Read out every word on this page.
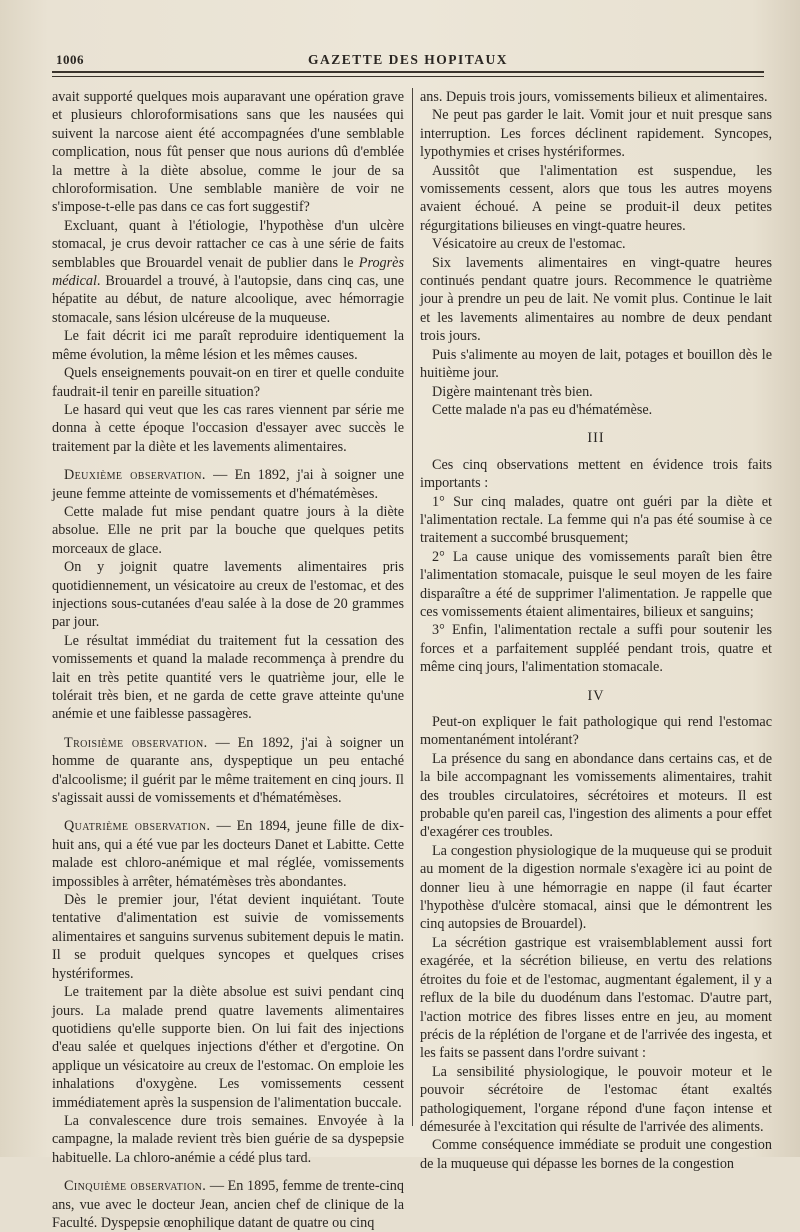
1006	GAZETTE DES HOPITAUX

avait supporté quelques mois auparavant une opération grave et plusieurs chloroformisations sans que les nausées qui suivent la narcose aient été accompagnées d'une semblable complication, nous fût penser que nous aurions dû d'emblée la mettre à la diète absolue, comme le jour de sa chloroformisation. Une semblable manière de voir ne s'impose-t-elle pas dans ce cas fort suggestif?

Excluant, quant à l'étiologie, l'hypothèse d'un ulcère stomacal, je crus devoir rattacher ce cas à une série de faits semblables que Brouardel venait de publier dans le Progrès médical. Brouardel a trouvé, à l'autopsie, dans cinq cas, une hépatite au début, de nature alcoolique, avec hémorragie stomacale, sans lésion ulcéreuse de la muqueuse.

Le fait décrit ici me paraît reproduire identiquement la même évolution, la même lésion et les mêmes causes.

Quels enseignements pouvait-on en tirer et quelle conduite faudrait-il tenir en pareille situation?

Le hasard qui veut que les cas rares viennent par série me donna à cette époque l'occasion d'essayer avec succès le traitement par la diète et les lavements alimentaires.

Deuxième observation. — En 1892, j'ai à soigner une jeune femme atteinte de vomissements et d'hématémèses.

Cette malade fut mise pendant quatre jours à la diète absolue. Elle ne prit par la bouche que quelques petits morceaux de glace.

On y joignit quatre lavements alimentaires pris quotidiennement, un vésicatoire au creux de l'estomac, et des injections sous-cutanées d'eau salée à la dose de 20 grammes par jour.

Le résultat immédiat du traitement fut la cessation des vomissements et quand la malade recommença à prendre du lait en très petite quantité vers le quatrième jour, elle le tolérait très bien, et ne garda de cette grave atteinte qu'une anémie et une faiblesse passagères.

Troisième observation. — En 1892, j'ai à soigner un homme de quarante ans, dyspeptique un peu entaché d'alcoolisme; il guérit par le même traitement en cinq jours. Il s'agissait aussi de vomissements et d'hématémèses.

Quatrième observation. — En 1894, jeune fille de dix-huit ans, qui a été vue par les docteurs Danet et Labitte. Cette malade est chloro-anémique et mal réglée, vomissements impossibles à arrêter, hématémèses très abondantes.

Dès le premier jour, l'état devient inquiétant. Toute tentative d'alimentation est suivie de vomissements alimentaires et sanguins survenus subitement depuis le matin. Il se produit quelques syncopes et quelques crises hystériformes.

Le traitement par la diète absolue est suivi pendant cinq jours. La malade prend quatre lavements alimentaires quotidiens qu'elle supporte bien. On lui fait des injections d'eau salée et quelques injections d'éther et d'ergotine. On applique un vésicatoire au creux de l'estomac. On emploie les inhalations d'oxygène. Les vomissements cessent immédiatement après la suspension de l'alimentation buccale.

La convalescence dure trois semaines. Envoyée à la campagne, la malade revient très bien guérie de sa dyspepsie habituelle. La chloro-anémie a cédé plus tard.

Cinquième observation. — En 1895, femme de trente-cinq ans, vue avec le docteur Jean, ancien chef de clinique de la Faculté. Dyspepsie œnophilique datant de quatre ou cinq

ans. Depuis trois jours, vomissements bilieux et alimentaires.

Ne peut pas garder le lait. Vomit jour et nuit presque sans interruption. Les forces déclinent rapidement. Syncopes, lypothymies et crises hystériformes.

Aussitôt que l'alimentation est suspendue, les vomissements cessent, alors que tous les autres moyens avaient échoué. A peine se produit-il deux petites régurgitations bilieuses en vingt-quatre heures.

Vésicatoire au creux de l'estomac.

Six lavements alimentaires en vingt-quatre heures continués pendant quatre jours. Recommence le quatrième jour à prendre un peu de lait. Ne vomit plus. Continue le lait et les lavements alimentaires au nombre de deux pendant trois jours.

Puis s'alimente au moyen de lait, potages et bouillon dès le huitième jour.

Digère maintenant très bien.

Cette malade n'a pas eu d'hématémèse.

III

Ces cinq observations mettent en évidence trois faits importants :

1° Sur cinq malades, quatre ont guéri par la diète et l'alimentation rectale. La femme qui n'a pas été soumise à ce traitement a succombé brusquement;

2° La cause unique des vomissements paraît bien être l'alimentation stomacale, puisque le seul moyen de les faire disparaître a été de supprimer l'alimentation. Je rappelle que ces vomissements étaient alimentaires, bilieux et sanguins;

3° Enfin, l'alimentation rectale a suffi pour soutenir les forces et a parfaitement suppléé pendant trois, quatre et même cinq jours, l'alimentation stomacale.

IV

Peut-on expliquer le fait pathologique qui rend l'estomac momentanément intolérant?

La présence du sang en abondance dans certains cas, et de la bile accompagnant les vomissements alimentaires, trahit des troubles circulatoires, sécrétoires et moteurs. Il est probable qu'en pareil cas, l'ingestion des aliments a pour effet d'exagérer ces troubles.

La congestion physiologique de la muqueuse qui se produit au moment de la digestion normale s'exagère ici au point de donner lieu à une hémorragie en nappe (il faut écarter l'hypothèse d'ulcère stomacal, ainsi que le démontrent les cinq autopsies de Brouardel).

La sécrétion gastrique est vraisemblablement aussi fort exagérée, et la sécrétion bilieuse, en vertu des relations étroites du foie et de l'estomac, augmentant également, il y a reflux de la bile du duodénum dans l'estomac. D'autre part, l'action motrice des fibres lisses entre en jeu, au moment précis de la réplétion de l'organe et de l'arrivée des ingesta, et les faits se passent dans l'ordre suivant :

La sensibilité physiologique, le pouvoir moteur et le pouvoir sécrétoire de l'estomac étant exaltés pathologiquement, l'organe répond d'une façon intense et démesurée à l'excitation qui résulte de l'arrivée des aliments.

Comme conséquence immédiate se produit une congestion de la muqueuse qui dépasse les bornes de la congestion
